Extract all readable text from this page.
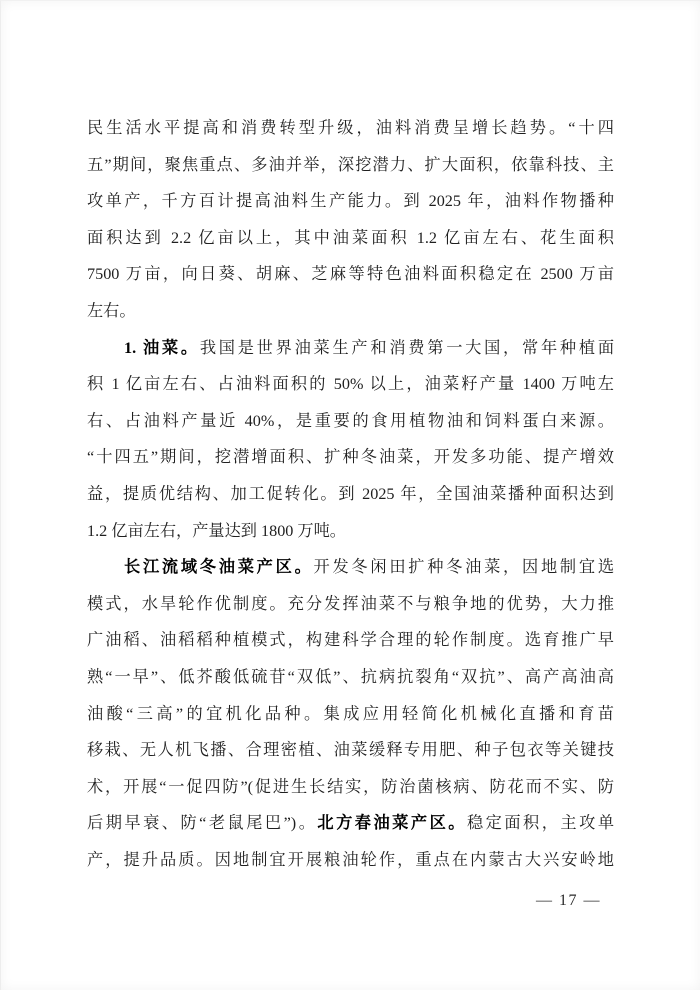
民生活水平提高和消费转型升级，油料消费呈增长趋势。“十四
五”期间，聚焦重点、多油并举，深挖潜力、扩大面积，依靠科技、主
攻单产，千方百计提高油料生产能力。到 2025 年，油料作物播种
面积达到 2.2 亿亩以上，其中油菜面积 1.2 亿亩左右、花生面积
7500 万亩，向日葵、胡麻、芝麻等特色油料面积稳定在 2500 万亩
左右。
1. 油菜。我国是世界油菜生产和消费第一大国，常年种植面
积 1 亿亩左右、占油料面积的 50% 以上，油菜籽产量 1400 万吨左
右、占油料产量近 40%，是重要的食用植物油和饲料蛋白来源。
“十四五”期间，挖潜增面积、扩种冬油菜，开发多功能、提产增效
益，提质优结构、加工促转化。到 2025 年，全国油菜播种面积达到
1.2 亿亩左右，产量达到 1800 万吨。
长江流域冬油菜产区。开发冬闲田扩种冬油菜，因地制宜选
模式，水旱轮作优制度。充分发挥油菜不与粮争地的优势，大力推
广油稻、油稻稻种植模式，构建科学合理的轮作制度。选育推广早
熟“一早”、低芥酸低硫苷“双低”、抗病抗裂角“双抗”、高产高油高
油酸“三高”的宜机化品种。集成应用轻简化机械化直播和育苗
移栽、无人机飞播、合理密植、油菜缓释专用肥、种子包衣等关键技
术，开展“一促四防”(促进生长结实，防治菌核病、防花而不实、防
后期早衰、防“老鼠尾巴”)。北方春油菜产区。稳定面积，主攻单
产，提升品质。因地制宜开展粮油轮作，重点在内蒙古大兴安岭地
— 17 —
